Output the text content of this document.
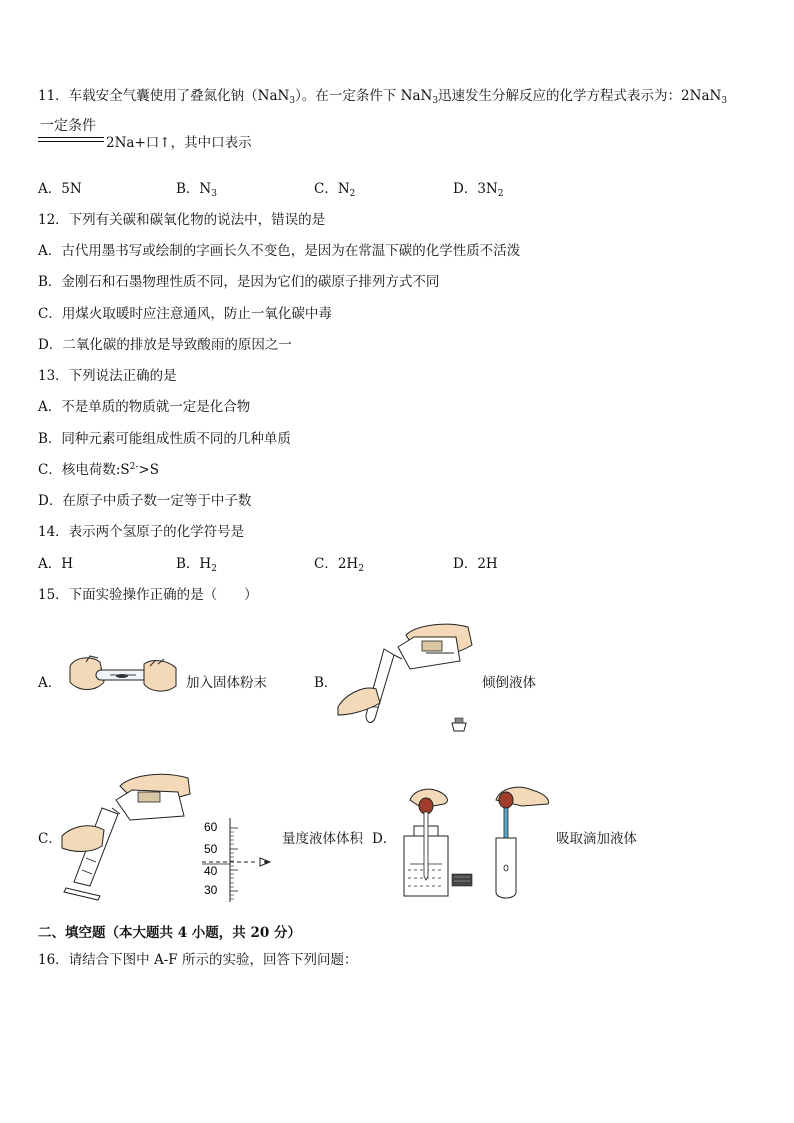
11．车载安全气囊使用了叠氮化钠（NaN$_3$）。在一定条件下 NaN$_3$迅速发生分解反应的化学方程式表示为：2NaN$_3$
一定条件
2Na+口↑，其中口表示
A．5N	B．$N_3$	C．$N_2$	D．$3N_2$
12．下列有关碳和碳氧化物的说法中，错误的是
A．古代用墨书写或绘制的字画长久不变色，是因为在常温下碳的化学性质不活泼
B．金刚石和石墨物理性质不同，是因为它们的碳原子排列方式不同
C．用煤火取暖时应注意通风，防止一氧化碳中毒
D．二氧化碳的排放是导致酸雨的原因之一
13．下列说法正确的是
A．不是单质的物质就一定是化合物
B．同种元素可能组成性质不同的几种单质
C．核电荷数$:S^{2-}>S$
D．在原子中质子数一定等于中子数
14．表示两个氢原子的化学符号是
A．H	B．$H_2$	C．$2H_2$	D．2H
15．下面实验操作正确的是（　　）
A．	加入固体粉末	B．	倾倒液体
C．
60
50
40
30
量度液体体积 D．	吸取滴加液体
二、填空题（本大题共 4 小题，共 20 分）
16．请结合下图中 A-F 所示的实验，回答下列问题：
